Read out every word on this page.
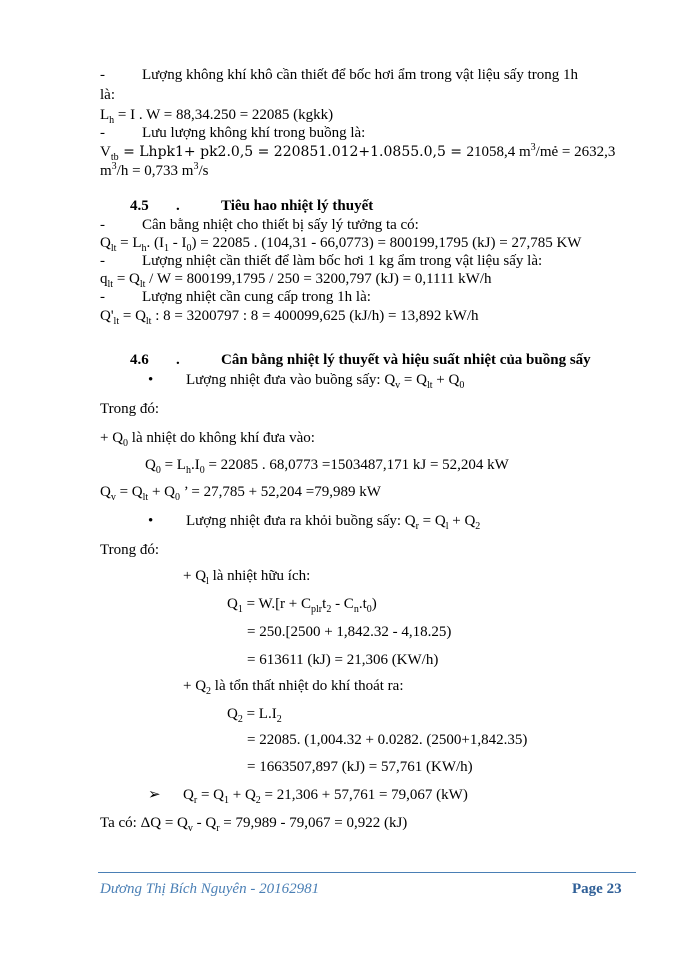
- Lượng không khí khô cần thiết để bốc hơi ẩm trong vật liệu sấy trong 1h
là:
$L_h = I$ . W = 88,34.250 = 22085 (kgkk)
- Lưu lượng không khí trong buồng là:
$V_{tb}$ = Lhpk1+ pk2.0,5 = 220851.012+1.0855.0,5 = 21058,4 $m^3/mẻ = 2632,3$
$m^3/h = 0,733$ $m^3/s$
4.5 .	Tiêu hao nhiệt lý thuyết
- Cân bằng nhiệt cho thiết bị sấy lý tưởng ta có:
$Q_{lt} = L_h$. $(I_1 - I_0) = 22085$ . (104,31 - 66,0773) = 800199,1795 (kJ) = 27,785 KW
- Lượng nhiệt cần thiết để làm bốc hơi 1 kg ẩm trong vật liệu sấy là:
$q_{lt} = Q_{lt} / W = 800199,1795 / 250 = 3200,797$ (kJ) = 0,1111 kW/h
- Lượng nhiệt cần cung cấp trong 1h là:
$Q'_{lt} = Q_{lt}$ : 8 = 3200797 : 8 = 400099,625 (kJ/h) = 13,892 kW/h
4.6 .	Cân bằng nhiệt lý thuyết và hiệu suất nhiệt của buồng sấy
• Lượng nhiệt đưa vào buồng sấy: $Q_v = Q_{lt} + Q_0$
Trong đó:
+ $Q_0$ là nhiệt do không khí đưa vào:
$Q_0 = L_h.I_0 = 22085$ . 68,0773 =1503487,171 kJ = 52,204 kW
$Q_v = Q_{lt} + Q_0$ ’ = 27,785 + 52,204 =79,989 kW
• Lượng nhiệt đưa ra khỏi buồng sấy: $Q_r = Q_l + Q_2$
Trong đó:
+ $Q_l$ là nhiệt hữu ích:
$Q_1 = W.[r + C_{plr}t_2 - C_n.t_0)$
= 250.[2500 + 1,842.32 - 4,18.25)
= 613611 (kJ) = 21,306 (KW/h)
+ $Q_2$ là tổn thất nhiệt do khí thoát ra:
$Q_2 = L.I_2$
= 22085. (1,004.32 + 0.0282. (2500+1,842.35)
= 1663507,897 (kJ) = 57,761 (KW/h)
➢ $Q_r = Q_1 + Q_2 = 21,306 + 57,761 = 79,067$ (kW)
Ta có: $\Delta Q = Q_v - Q_r = 79,989 - 79,067 = 0,922$ (kJ)
Dương Thị Bích Nguyên - 20162981	Page 23
